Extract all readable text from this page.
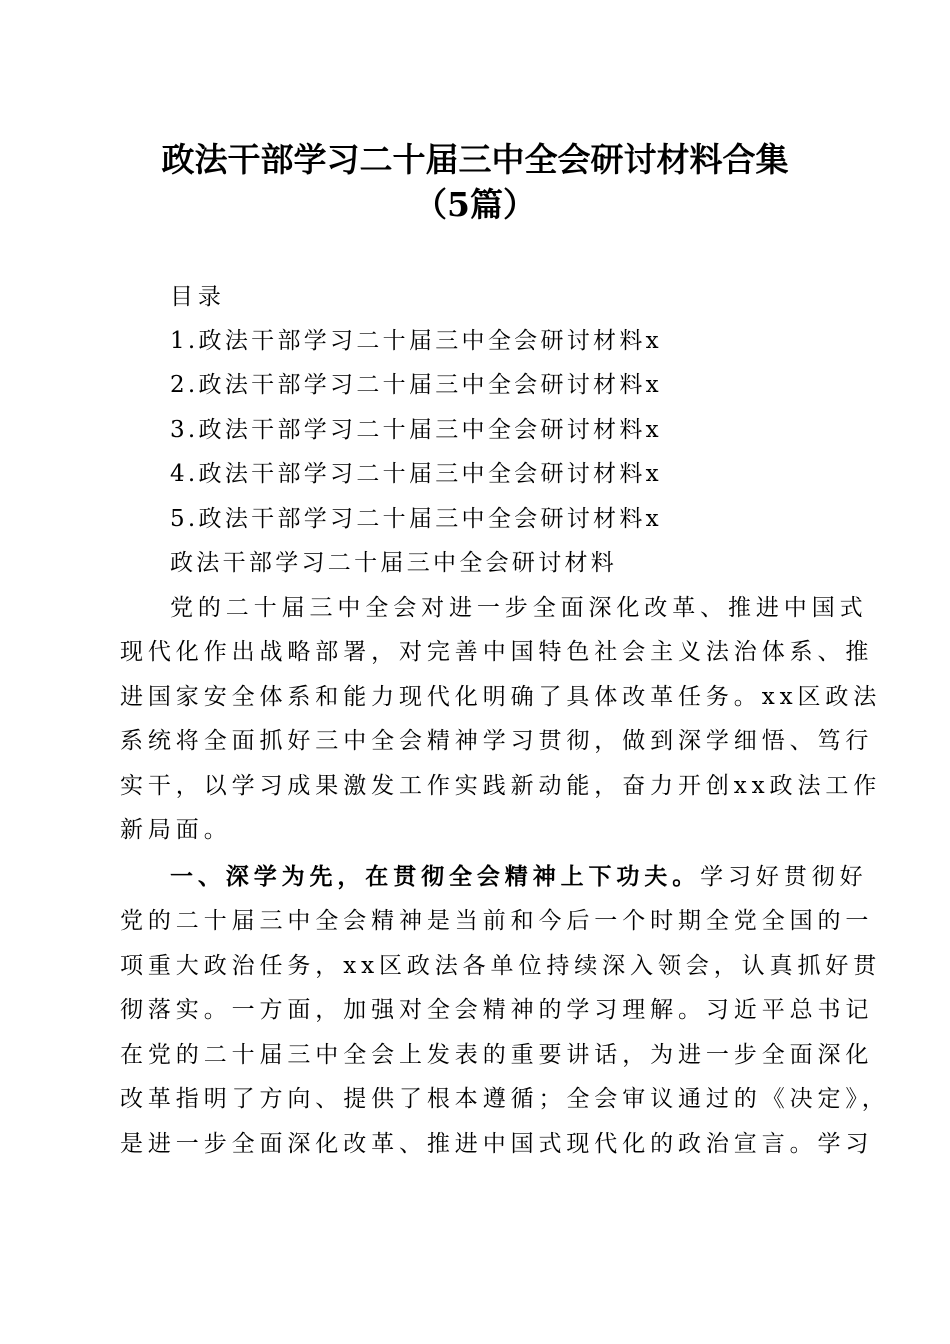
政法干部学习二十届三中全会研讨材料合集
（5篇）
目录
1.政法干部学习二十届三中全会研讨材料x
2.政法干部学习二十届三中全会研讨材料x
3.政法干部学习二十届三中全会研讨材料x
4.政法干部学习二十届三中全会研讨材料x
5.政法干部学习二十届三中全会研讨材料x
政法干部学习二十届三中全会研讨材料
党的二十届三中全会对进一步全面深化改革、推进中国式
现代化作出战略部署，对完善中国特色社会主义法治体系、推
进国家安全体系和能力现代化明确了具体改革任务。xx区政法
系统将全面抓好三中全会精神学习贯彻，做到深学细悟、笃行
实干，以学习成果激发工作实践新动能，奋力开创xx政法工作
新局面。
一、深学为先，在贯彻全会精神上下功夫。学习好贯彻好
党的二十届三中全会精神是当前和今后一个时期全党全国的一
项重大政治任务，xx区政法各单位持续深入领会，认真抓好贯
彻落实。一方面，加强对全会精神的学习理解。习近平总书记
在党的二十届三中全会上发表的重要讲话，为进一步全面深化
改革指明了方向、提供了根本遵循；全会审议通过的《决定》，
是进一步全面深化改革、推进中国式现代化的政治宣言。学习
